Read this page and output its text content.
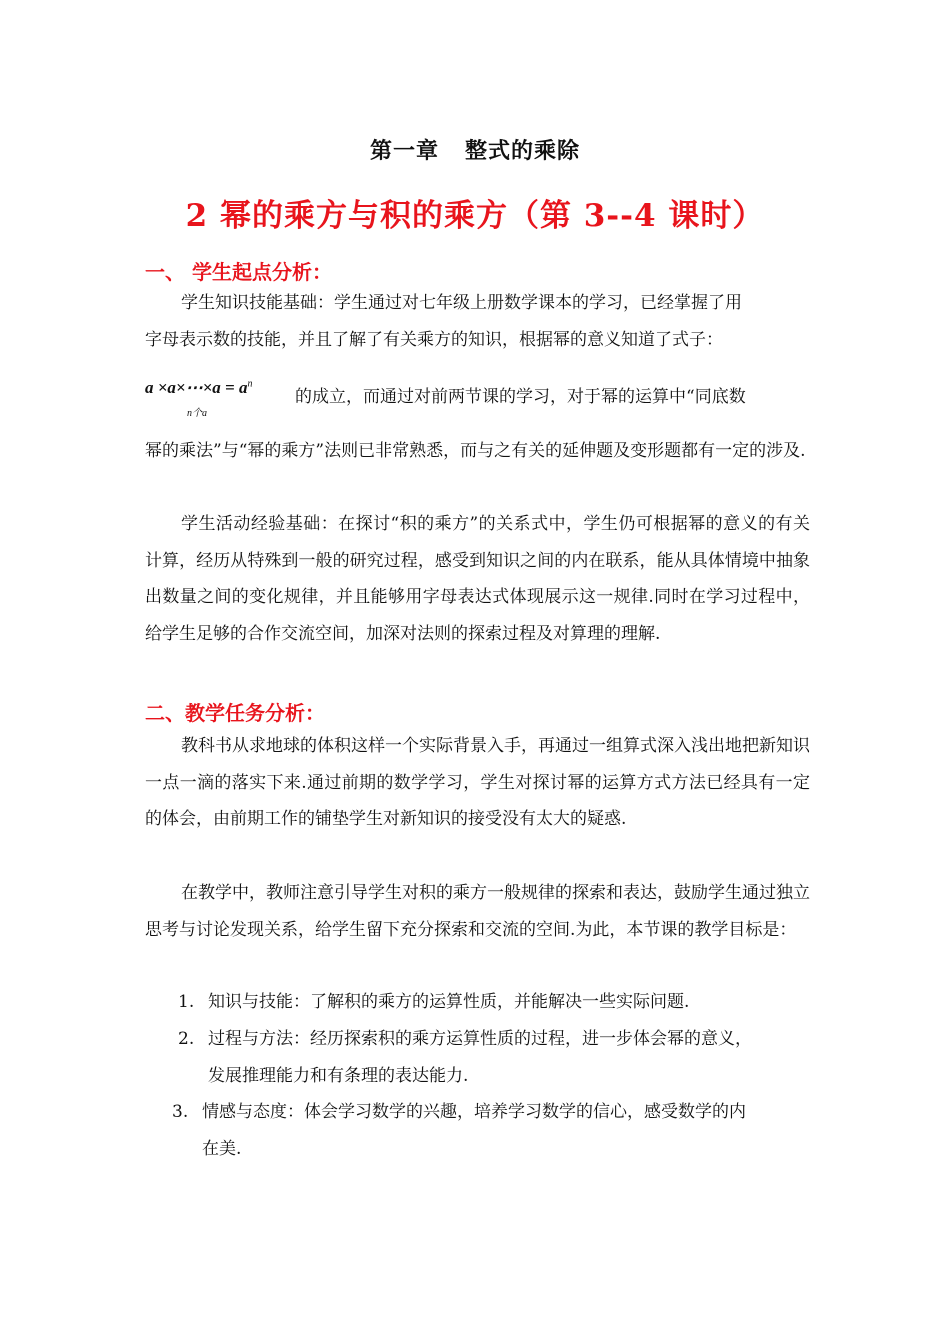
第一章 整式的乘除
2 幂的乘方与积的乘方（第 3--4 课时）
一、 学生起点分析：
学生知识技能基础：学生通过对七年级上册数学课本的学习，已经掌握了用
字母表示数的技能，并且了解了有关乘方的知识，根据幂的意义知道了式子：
a ×a×⋯×a = $a^n$
n个a
的成立，而通过对前两节课的学习，对于幂的运算中“同底数
幂的乘法”与“幂的乘方”法则已非常熟悉，而与之有关的延伸题及变形题都有一定的涉及.
学生活动经验基础：在探讨“积的乘方”的关系式中，学生仍可根据幂的意义的有关计算，经历从特殊到一般的研究过程，感受到知识之间的内在联系，能从具体情境中抽象出数量之间的变化规律，并且能够用字母表达式体现展示这一规律.同时在学习过程中，给学生足够的合作交流空间，加深对法则的探索过程及对算理的理解.
二、教学任务分析：
教科书从求地球的体积这样一个实际背景入手，再通过一组算式深入浅出地把新知识一点一滴的落实下来.通过前期的数学学习，学生对探讨幂的运算方式方法已经具有一定的体会，由前期工作的铺垫学生对新知识的接受没有太大的疑惑.
在教学中，教师注意引导学生对积的乘方一般规律的探索和表达，鼓励学生通过独立思考与讨论发现关系，给学生留下充分探索和交流的空间.为此，本节课的教学目标是：
1. 知识与技能：了解积的乘方的运算性质，并能解决一些实际问题.
2. 过程与方法：经历探索积的乘方运算性质的过程，进一步体会幂的意义，
发展推理能力和有条理的表达能力.
3. 情感与态度：体会学习数学的兴趣，培养学习数学的信心，感受数学的内
在美.
